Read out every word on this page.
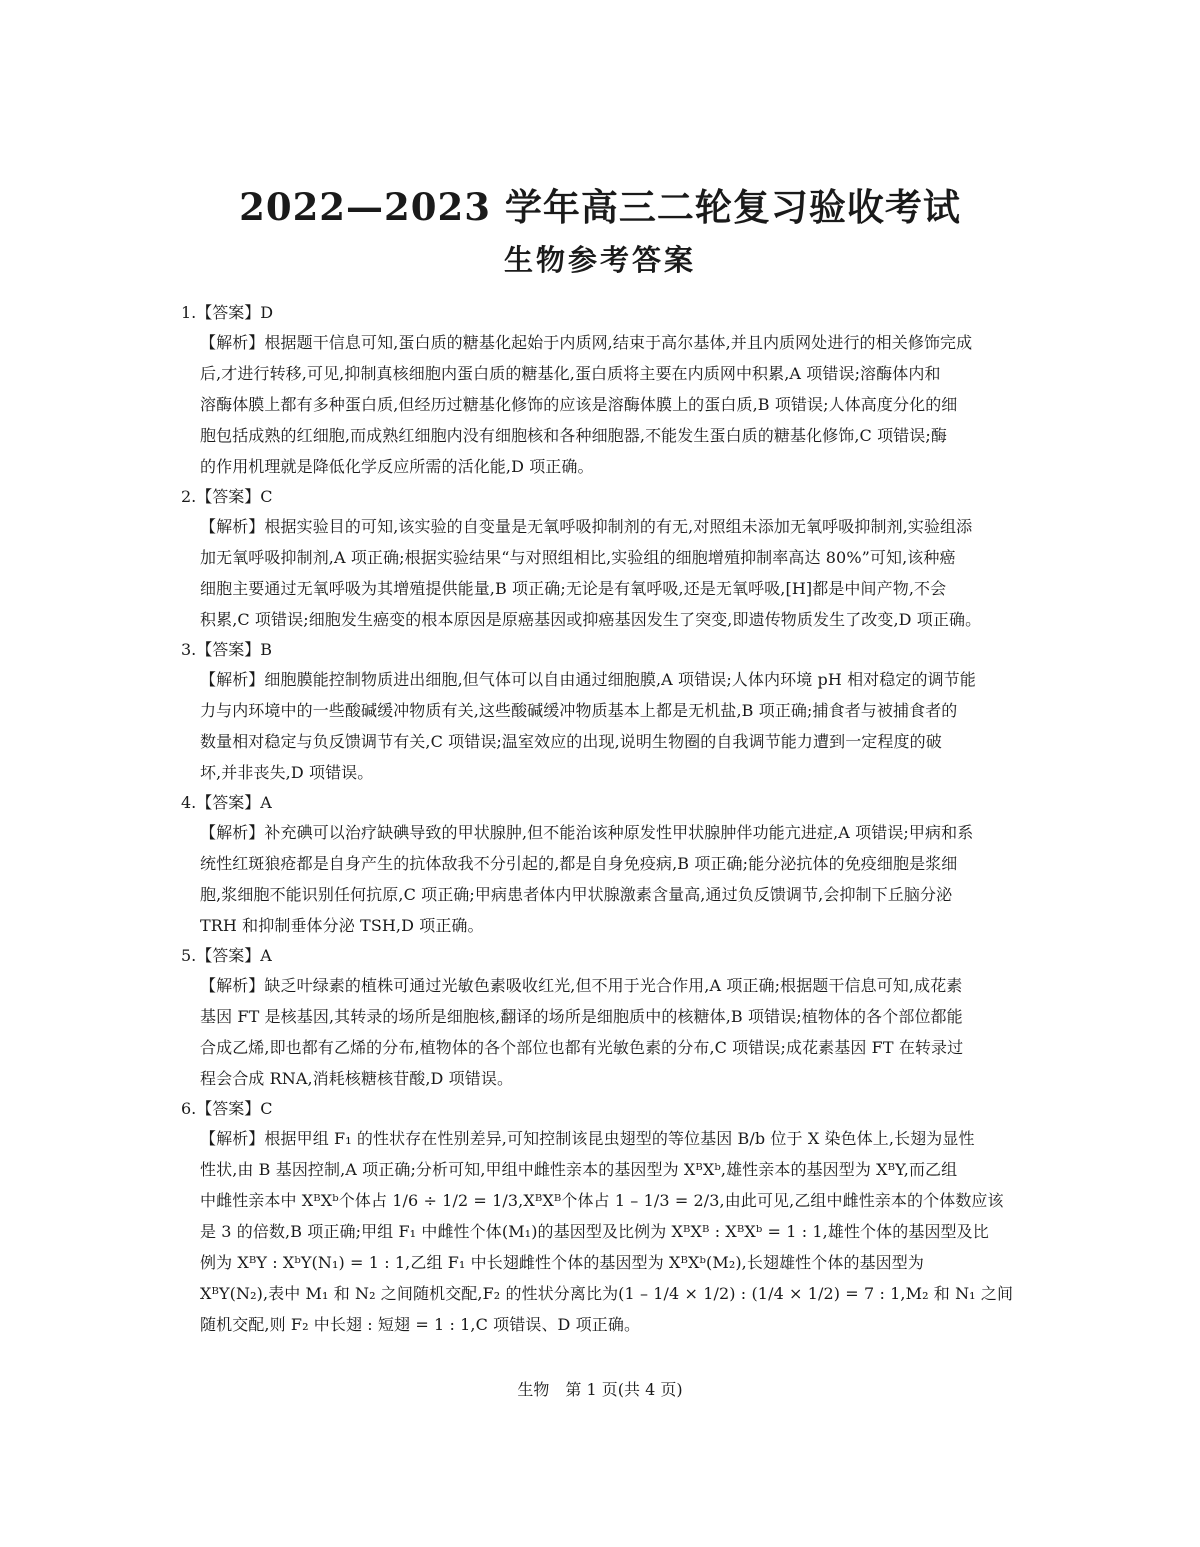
2022—2023 学年高三二轮复习验收考试
生物参考答案
1.【答案】D
【解析】根据题干信息可知,蛋白质的糖基化起始于内质网,结束于高尔基体,并且内质网处进行的相关修饰完成
后,才进行转移,可见,抑制真核细胞内蛋白质的糖基化,蛋白质将主要在内质网中积累,A 项错误;溶酶体内和
溶酶体膜上都有多种蛋白质,但经历过糖基化修饰的应该是溶酶体膜上的蛋白质,B 项错误;人体高度分化的细
胞包括成熟的红细胞,而成熟红细胞内没有细胞核和各种细胞器,不能发生蛋白质的糖基化修饰,C 项错误;酶
的作用机理就是降低化学反应所需的活化能,D 项正确。
2.【答案】C
【解析】根据实验目的可知,该实验的自变量是无氧呼吸抑制剂的有无,对照组未添加无氧呼吸抑制剂,实验组添
加无氧呼吸抑制剂,A 项正确;根据实验结果“与对照组相比,实验组的细胞增殖抑制率高达 80%”可知,该种癌
细胞主要通过无氧呼吸为其增殖提供能量,B 项正确;无论是有氧呼吸,还是无氧呼吸,[H]都是中间产物,不会
积累,C 项错误;细胞发生癌变的根本原因是原癌基因或抑癌基因发生了突变,即遗传物质发生了改变,D 项正确。
3.【答案】B
【解析】细胞膜能控制物质进出细胞,但气体可以自由通过细胞膜,A 项错误;人体内环境 pH 相对稳定的调节能
力与内环境中的一些酸碱缓冲物质有关,这些酸碱缓冲物质基本上都是无机盐,B 项正确;捕食者与被捕食者的
数量相对稳定与负反馈调节有关,C 项错误;温室效应的出现,说明生物圈的自我调节能力遭到一定程度的破
坏,并非丧失,D 项错误。
4.【答案】A
【解析】补充碘可以治疗缺碘导致的甲状腺肿,但不能治该种原发性甲状腺肿伴功能亢进症,A 项错误;甲病和系
统性红斑狼疮都是自身产生的抗体敌我不分引起的,都是自身免疫病,B 项正确;能分泌抗体的免疫细胞是浆细
胞,浆细胞不能识别任何抗原,C 项正确;甲病患者体内甲状腺激素含量高,通过负反馈调节,会抑制下丘脑分泌
TRH 和抑制垂体分泌 TSH,D 项正确。
5.【答案】A
【解析】缺乏叶绿素的植株可通过光敏色素吸收红光,但不用于光合作用,A 项正确;根据题干信息可知,成花素
基因 FT 是核基因,其转录的场所是细胞核,翻译的场所是细胞质中的核糖体,B 项错误;植物体的各个部位都能
合成乙烯,即也都有乙烯的分布,植物体的各个部位也都有光敏色素的分布,C 项错误;成花素基因 FT 在转录过
程会合成 RNA,消耗核糖核苷酸,D 项错误。
6.【答案】C
【解析】根据甲组 F₁ 的性状存在性别差异,可知控制该昆虫翅型的等位基因 B/b 位于 X 染色体上,长翅为显性
性状,由 B 基因控制,A 项正确;分析可知,甲组中雌性亲本的基因型为 XᴮXᵇ,雄性亲本的基因型为 XᴮY,而乙组
中雌性亲本中 XᴮXᵇ个体占 1/6 ÷ 1/2 = 1/3,XᴮXᴮ个体占 1 – 1/3 = 2/3,由此可见,乙组中雌性亲本的个体数应该
是 3 的倍数,B 项正确;甲组 F₁ 中雌性个体(M₁)的基因型及比例为 XᴮXᴮ : XᴮXᵇ = 1 : 1,雄性个体的基因型及比
例为 XᴮY : XᵇY(N₁) = 1 : 1,乙组 F₁ 中长翅雌性个体的基因型为 XᴮXᵇ(M₂),长翅雄性个体的基因型为
XᴮY(N₂),表中 M₁ 和 N₂ 之间随机交配,F₂ 的性状分离比为(1 – 1/4 × 1/2) : (1/4 × 1/2) = 7 : 1,M₂ 和 N₁ 之间
随机交配,则 F₂ 中长翅 : 短翅 = 1 : 1,C 项错误、D 项正确。
生物　第 1 页(共 4 页)
